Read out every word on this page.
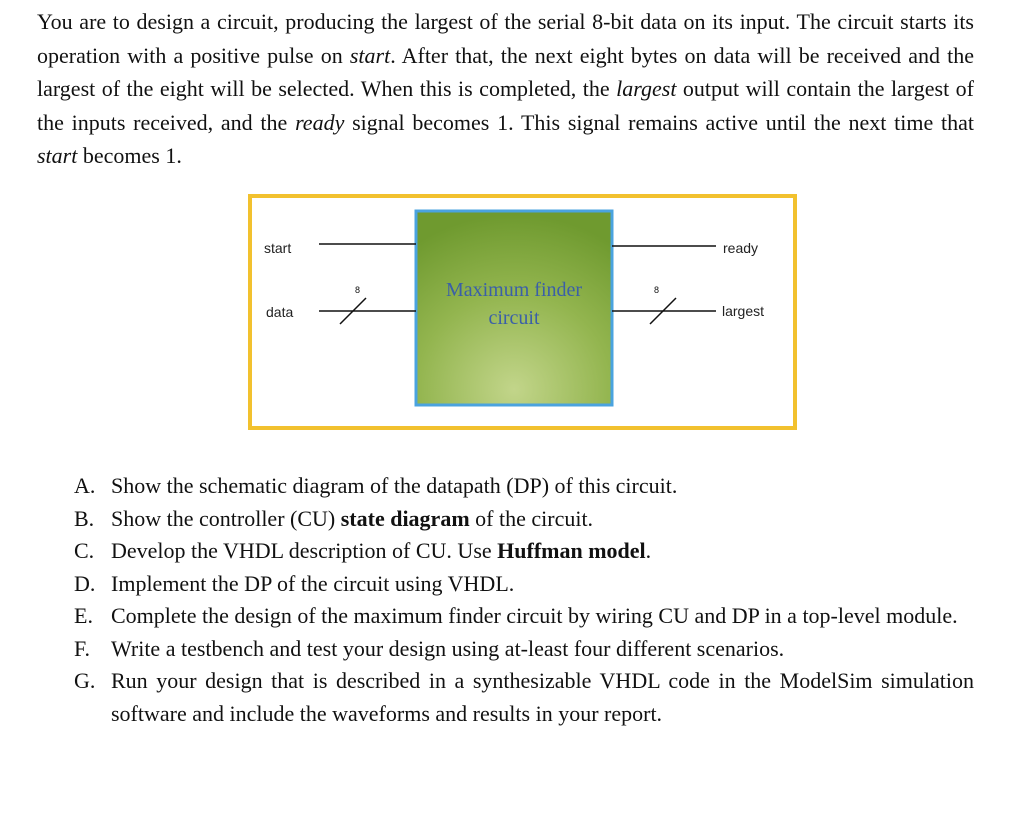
You are to design a circuit, producing the largest of the serial 8-bit data on its input. The circuit starts its operation with a positive pulse on start. After that, the next eight bytes on data will be received and the largest of the eight will be selected. When this is completed, the largest output will contain the largest of the inputs received, and the ready signal becomes 1. This signal remains active until the next time that start becomes 1.

Maximum finder
circuit
8	8
start
data
ready
largest
A. Show the schematic diagram of the datapath (DP) of this circuit.
B. Show the controller (CU) state diagram of the circuit.
C. Develop the VHDL description of CU. Use Huffman model.
D. Implement the DP of the circuit using VHDL.
E. Complete the design of the maximum finder circuit by wiring CU and DP in a top-level module.
F. Write a testbench and test your design using at-least four different scenarios.
G. Run your design that is described in a synthesizable VHDL code in the ModelSim simulation software and include the waveforms and results in your report.
